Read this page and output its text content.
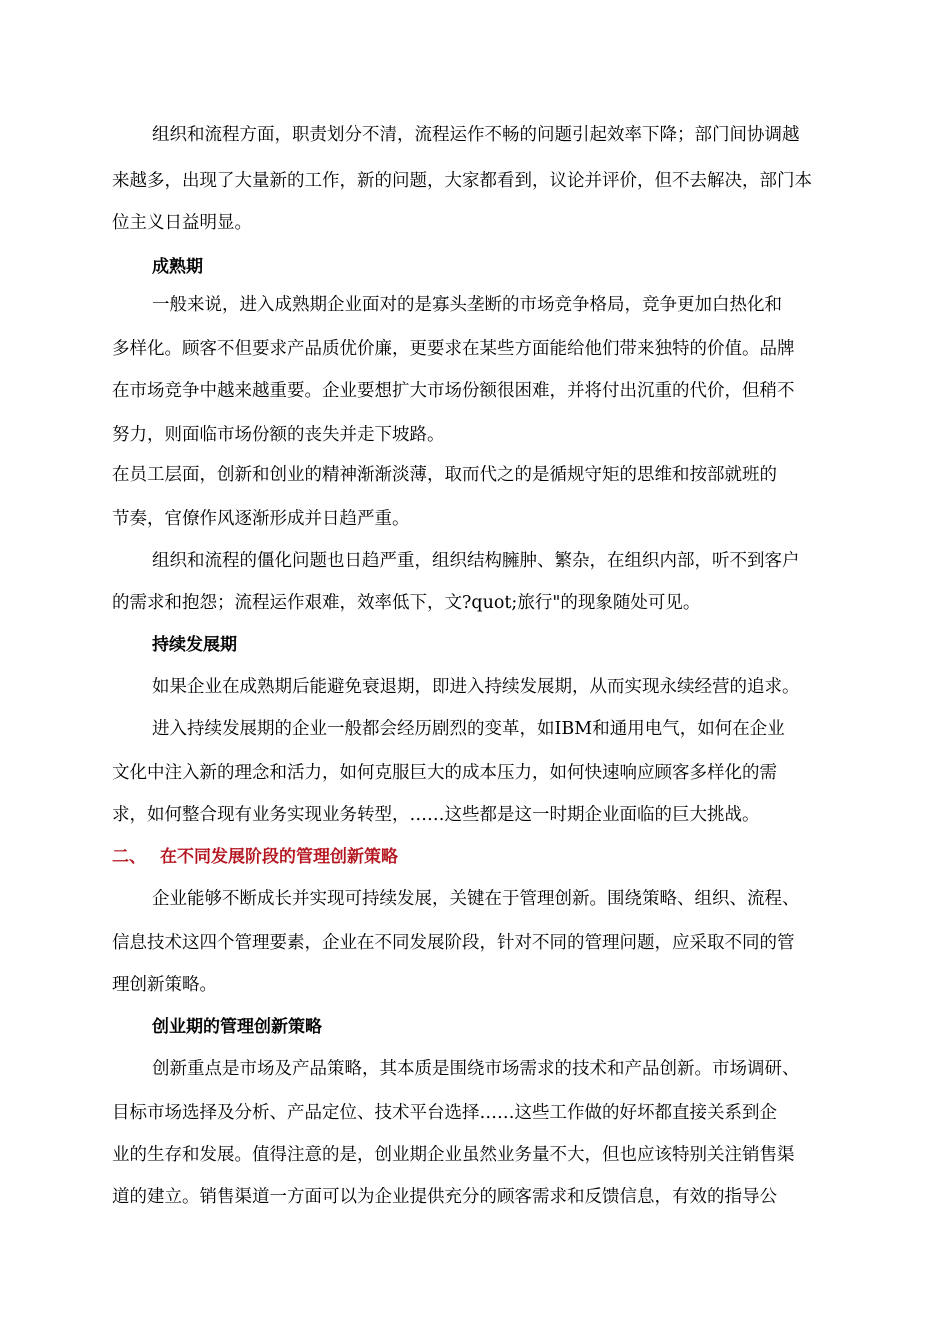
组织和流程方面，职责划分不清，流程运作不畅的问题引起效率下降；部门间协调越

来越多，出现了大量新的工作，新的问题，大家都看到，议论并评价，但不去解决，部门本

位主义日益明显。

成熟期

一般来说，进入成熟期企业面对的是寡头垄断的市场竞争格局，竞争更加白热化和

多样化。顾客不但要求产品质优价廉，更要求在某些方面能给他们带来独特的价值。品牌

在市场竞争中越来越重要。企业要想扩大市场份额很困难，并将付出沉重的代价，但稍不

努力，则面临市场份额的丧失并走下坡路。

在员工层面，创新和创业的精神渐渐淡薄，取而代之的是循规守矩的思维和按部就班的

节奏，官僚作风逐渐形成并日趋严重。

组织和流程的僵化问题也日趋严重，组织结构臃肿、繁杂，在组织内部，听不到客户

的需求和抱怨；流程运作艰难，效率低下，文?quot;旅行"的现象随处可见。

持续发展期

如果企业在成熟期后能避免衰退期，即进入持续发展期，从而实现永续经营的追求。

进入持续发展期的企业一般都会经历剧烈的变革，如IBM和通用电气，如何在企业

文化中注入新的理念和活力，如何克服巨大的成本压力，如何快速响应顾客多样化的需

求，如何整合现有业务实现业务转型，……这些都是这一时期企业面临的巨大挑战。

二、 在不同发展阶段的管理创新策略

企业能够不断成长并实现可持续发展，关键在于管理创新。围绕策略、组织、流程、

信息技术这四个管理要素，企业在不同发展阶段，针对不同的管理问题，应采取不同的管

理创新策略。

创业期的管理创新策略

创新重点是市场及产品策略，其本质是围绕市场需求的技术和产品创新。市场调研、

目标市场选择及分析、产品定位、技术平台选择……这些工作做的好坏都直接关系到企

业的生存和发展。值得注意的是，创业期企业虽然业务量不大，但也应该特别关注销售渠

道的建立。销售渠道一方面可以为企业提供充分的顾客需求和反馈信息，有效的指导公
